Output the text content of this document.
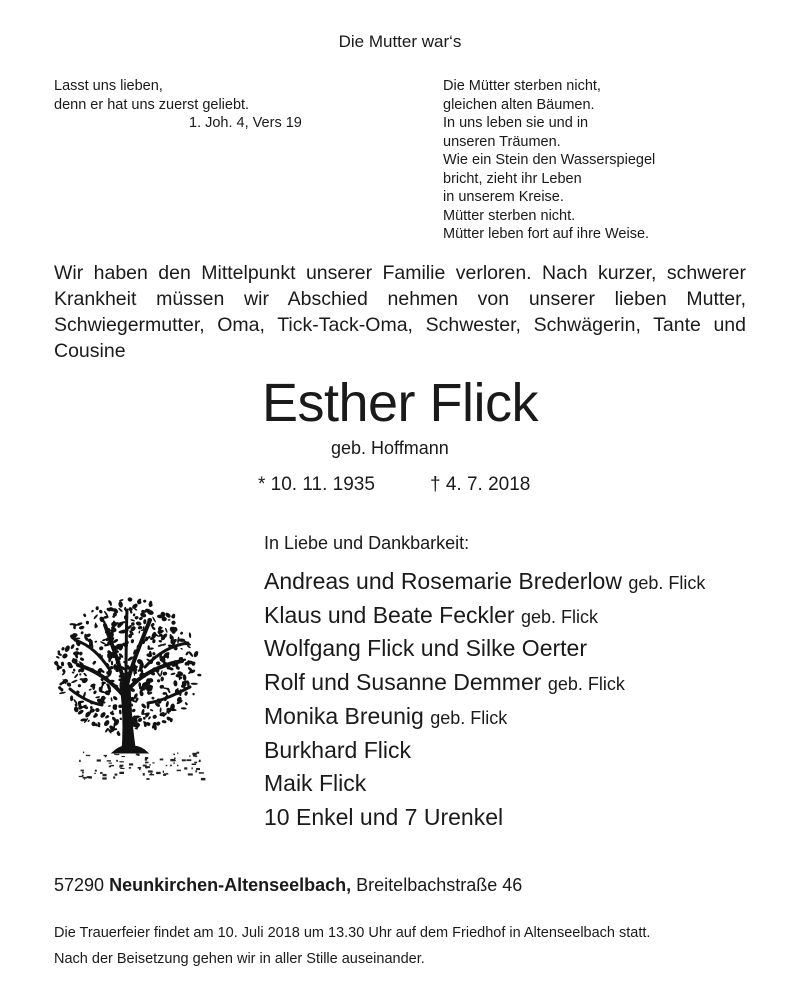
Die Mutter war‘s
Lasst uns lieben,
denn er hat uns zuerst geliebt.
1. Joh. 4, Vers 19
Die Mütter sterben nicht,
gleichen alten Bäumen.
In uns leben sie und in
unseren Träumen.
Wie ein Stein den Wasserspiegel
bricht, zieht ihr Leben
in unserem Kreise.
Mütter sterben nicht.
Mütter leben fort auf ihre Weise.
Wir haben den Mittelpunkt unserer Familie verloren. Nach kurzer, schwerer Krankheit müssen wir Abschied nehmen von unserer lieben Mutter, Schwiegermutter, Oma, Tick-Tack-Oma, Schwester, Schwägerin, Tante und Cousine
Esther Flick
geb. Hoffmann
* 10. 11. 1935	† 4. 7. 2018
In Liebe und Dankbarkeit:
Andreas und Rosemarie Brederlow geb. Flick
Klaus und Beate Feckler geb. Flick
Wolfgang Flick und Silke Oerter
Rolf und Susanne Demmer geb. Flick
Monika Breunig geb. Flick
Burkhard Flick
Maik Flick
10 Enkel und 7 Urenkel
57290 Neunkirchen-Altenseelbach, Breitelbachstraße 46
Die Trauerfeier findet am 10. Juli 2018 um 13.30 Uhr auf dem Friedhof in Altenseelbach statt.
Nach der Beisetzung gehen wir in aller Stille auseinander.
